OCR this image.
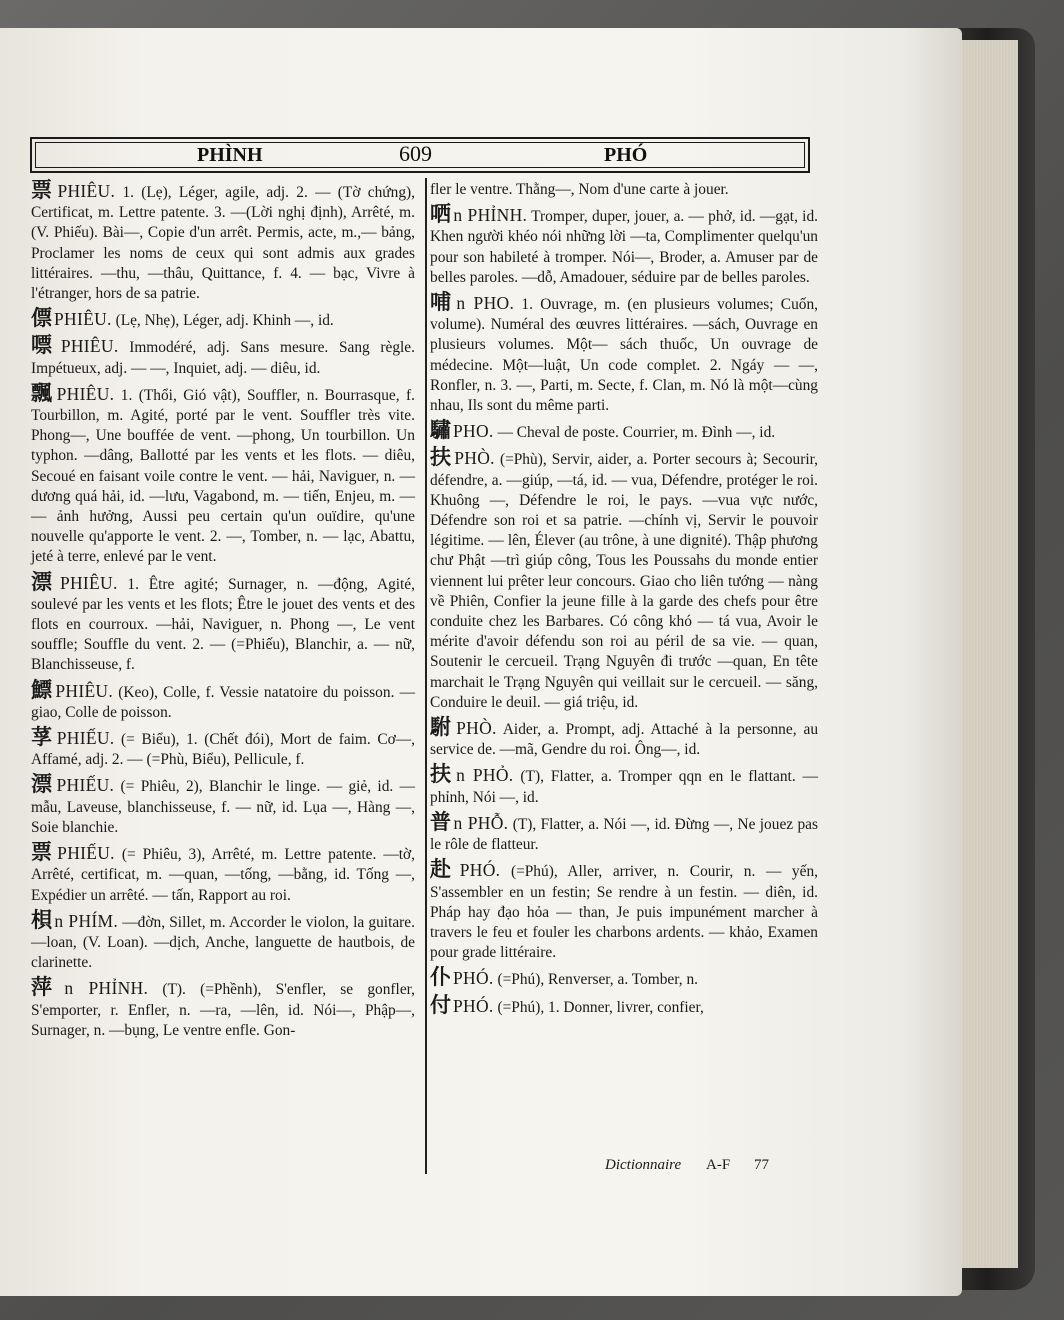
PHÌNH	609	PHÓ
票 PHIÊU. 1. (Lẹ), Léger, agile, adj. 2. — (Tờ chứng), Certificat, m. Lettre patente. 3. —(Lời nghị định), Arrêté, m. (V. Phiếu). Bài—, Copie d'un arrêt. Permis, acte, m.,— bảng, Proclamer les noms de ceux qui sont admis aux grades littéraires. —thu, —thâu, Quittance, f. 4. — bạc, Vivre à l'étranger, hors de sa patrie.
僄 PHIÊU. (Lẹ, Nhẹ), Léger, adj. Khinh —, id.
嘌 PHIÊU. Immodéré, adj. Sans mesure. Sang règle. Impétueux, adj. — —, Inquiet, adj. — diêu, id.
飄 PHIÊU. 1. (Thổi, Gió vật), Souffler, n. Bourrasque, f. Tourbillon, m. Agité, porté par le vent. Souffler très vite. Phong—, Une bouffée de vent. —phong, Un tourbillon. Un typhon. —dâng, Ballotté par les vents et les flots. — diêu, Secoué en faisant voile contre le vent. — hải, Naviguer, n. — dương quá hải, id. —lưu, Vagabond, m. — tiến, Enjeu, m. — — ảnh hưởng, Aussi peu certain qu'un ouïdire, qu'une nouvelle qu'apporte le vent. 2. —, Tomber, n. — lạc, Abattu, jeté à terre, enlevé par le vent.
漂 PHIÊU. 1. Être agité; Surnager, n. —động, Agité, soulevé par les vents et les flots; Être le jouet des vents et des flots en courroux. —hải, Naviguer, n. Phong —, Le vent souffle; Souffle du vent. 2. — (=Phiếu), Blanchir, a. — nữ, Blanchisseuse, f.
鰾 PHIÊU. (Keo), Colle, f. Vessie natatoire du poisson. — giao, Colle de poisson.
莩 PHIẾU. (= Biểu), 1. (Chết đói), Mort de faim. Cơ—, Affamé, adj. 2. — (=Phù, Biểu), Pellicule, f.
漂 PHIẾU. (= Phiêu, 2), Blanchir le linge. — giẻ, id. — mẫu, Laveuse, blanchisseuse, f. — nữ, id. Lụa —, Hàng —, Soie blanchie.
票 PHIẾU. (= Phiêu, 3), Arrêté, m. Lettre patente. —tờ, Arrêté, certificat, m. —quan, —tống, —bằng, id. Tống —, Expédier un arrêté. — tấn, Rapport au roi.
梖 n PHÍM. —đờn, Sillet, m. Accorder le violon, la guitare. —loan, (V. Loan). —dịch, Anche, languette de hautbois, de clarinette.
萍 n PHỈNH. (T). (=Phềnh), S'enfler, se gonfler, S'emporter, r. Enfler, n. —ra, —lên, id. Nói—, Phập—, Surnager, n. —bụng, Le ventre enfle. Gon-
fler le ventre. Thằng—, Nom d'une carte à jouer.
哂 n PHỈNH. Tromper, duper, jouer, a. — phở, id. —gạt, id. Khen người khéo nói những lời —ta, Complimenter quelqu'un pour son habileté à tromper. Nói—, Broder, a. Amuser par de belles paroles. —dỗ, Amadouer, séduire par de belles paroles.
哺 n PHO. 1. Ouvrage, m. (en plusieurs volumes; Cuốn, volume). Numéral des œuvres littéraires. —sách, Ouvrage en plusieurs volumes. Một— sách thuốc, Un ouvrage de médecine. Một—luật, Un code complet. 2. Ngáy — —, Ronfler, n. 3. —, Parti, m. Secte, f. Clan, m. Nó là một—cùng nhau, Ils sont du même parti.
驌 PHO. — Cheval de poste. Courrier, m. Đình —, id.
扶 PHÒ. (=Phù), Servir, aider, a. Porter secours à; Secourir, défendre, a. —giúp, —tá, id. — vua, Défendre, protéger le roi. Khuông —, Défendre le roi, le pays. —vua vực nước, Défendre son roi et sa patrie. —chính vị, Servir le pouvoir légitime. — lên, Élever (au trône, à une dignité). Thập phương chư Phật —trì giúp công, Tous les Poussahs du monde entier viennent lui prêter leur concours. Giao cho liên tướng — nàng về Phiên, Confier la jeune fille à la garde des chefs pour être conduite chez les Barbares. Có công khó — tá vua, Avoir le mérite d'avoir défendu son roi au péril de sa vie. — quan, Soutenir le cercueil. Trạng Nguyên đi trước —quan, En tête marchait le Trạng Nguyên qui veillait sur le cercueil. — săng, Conduire le deuil. — giá triệu, id.
駙 PHÒ. Aider, a. Prompt, adj. Attaché à la personne, au service de. —mã, Gendre du roi. Ông—, id.
扶 n PHỎ. (T), Flatter, a. Tromper qqn en le flattant. —phỉnh, Nói —, id.
普 n PHỖ. (T), Flatter, a. Nói —, id. Đừng —, Ne jouez pas le rôle de flatteur.
赴 PHÓ. (=Phú), Aller, arriver, n. Courir, n. — yến, S'assembler en un festin; Se rendre à un festin. — diên, id. Pháp hay đạo hỏa — than, Je puis impunément marcher à travers le feu et fouler les charbons ardents. — khảo, Examen pour grade littéraire.
仆 PHÓ. (=Phú), Renverser, a. Tomber, n.
付 PHÓ. (=Phú), 1. Donner, livrer, confier,
Dictionnaire A-F 77
